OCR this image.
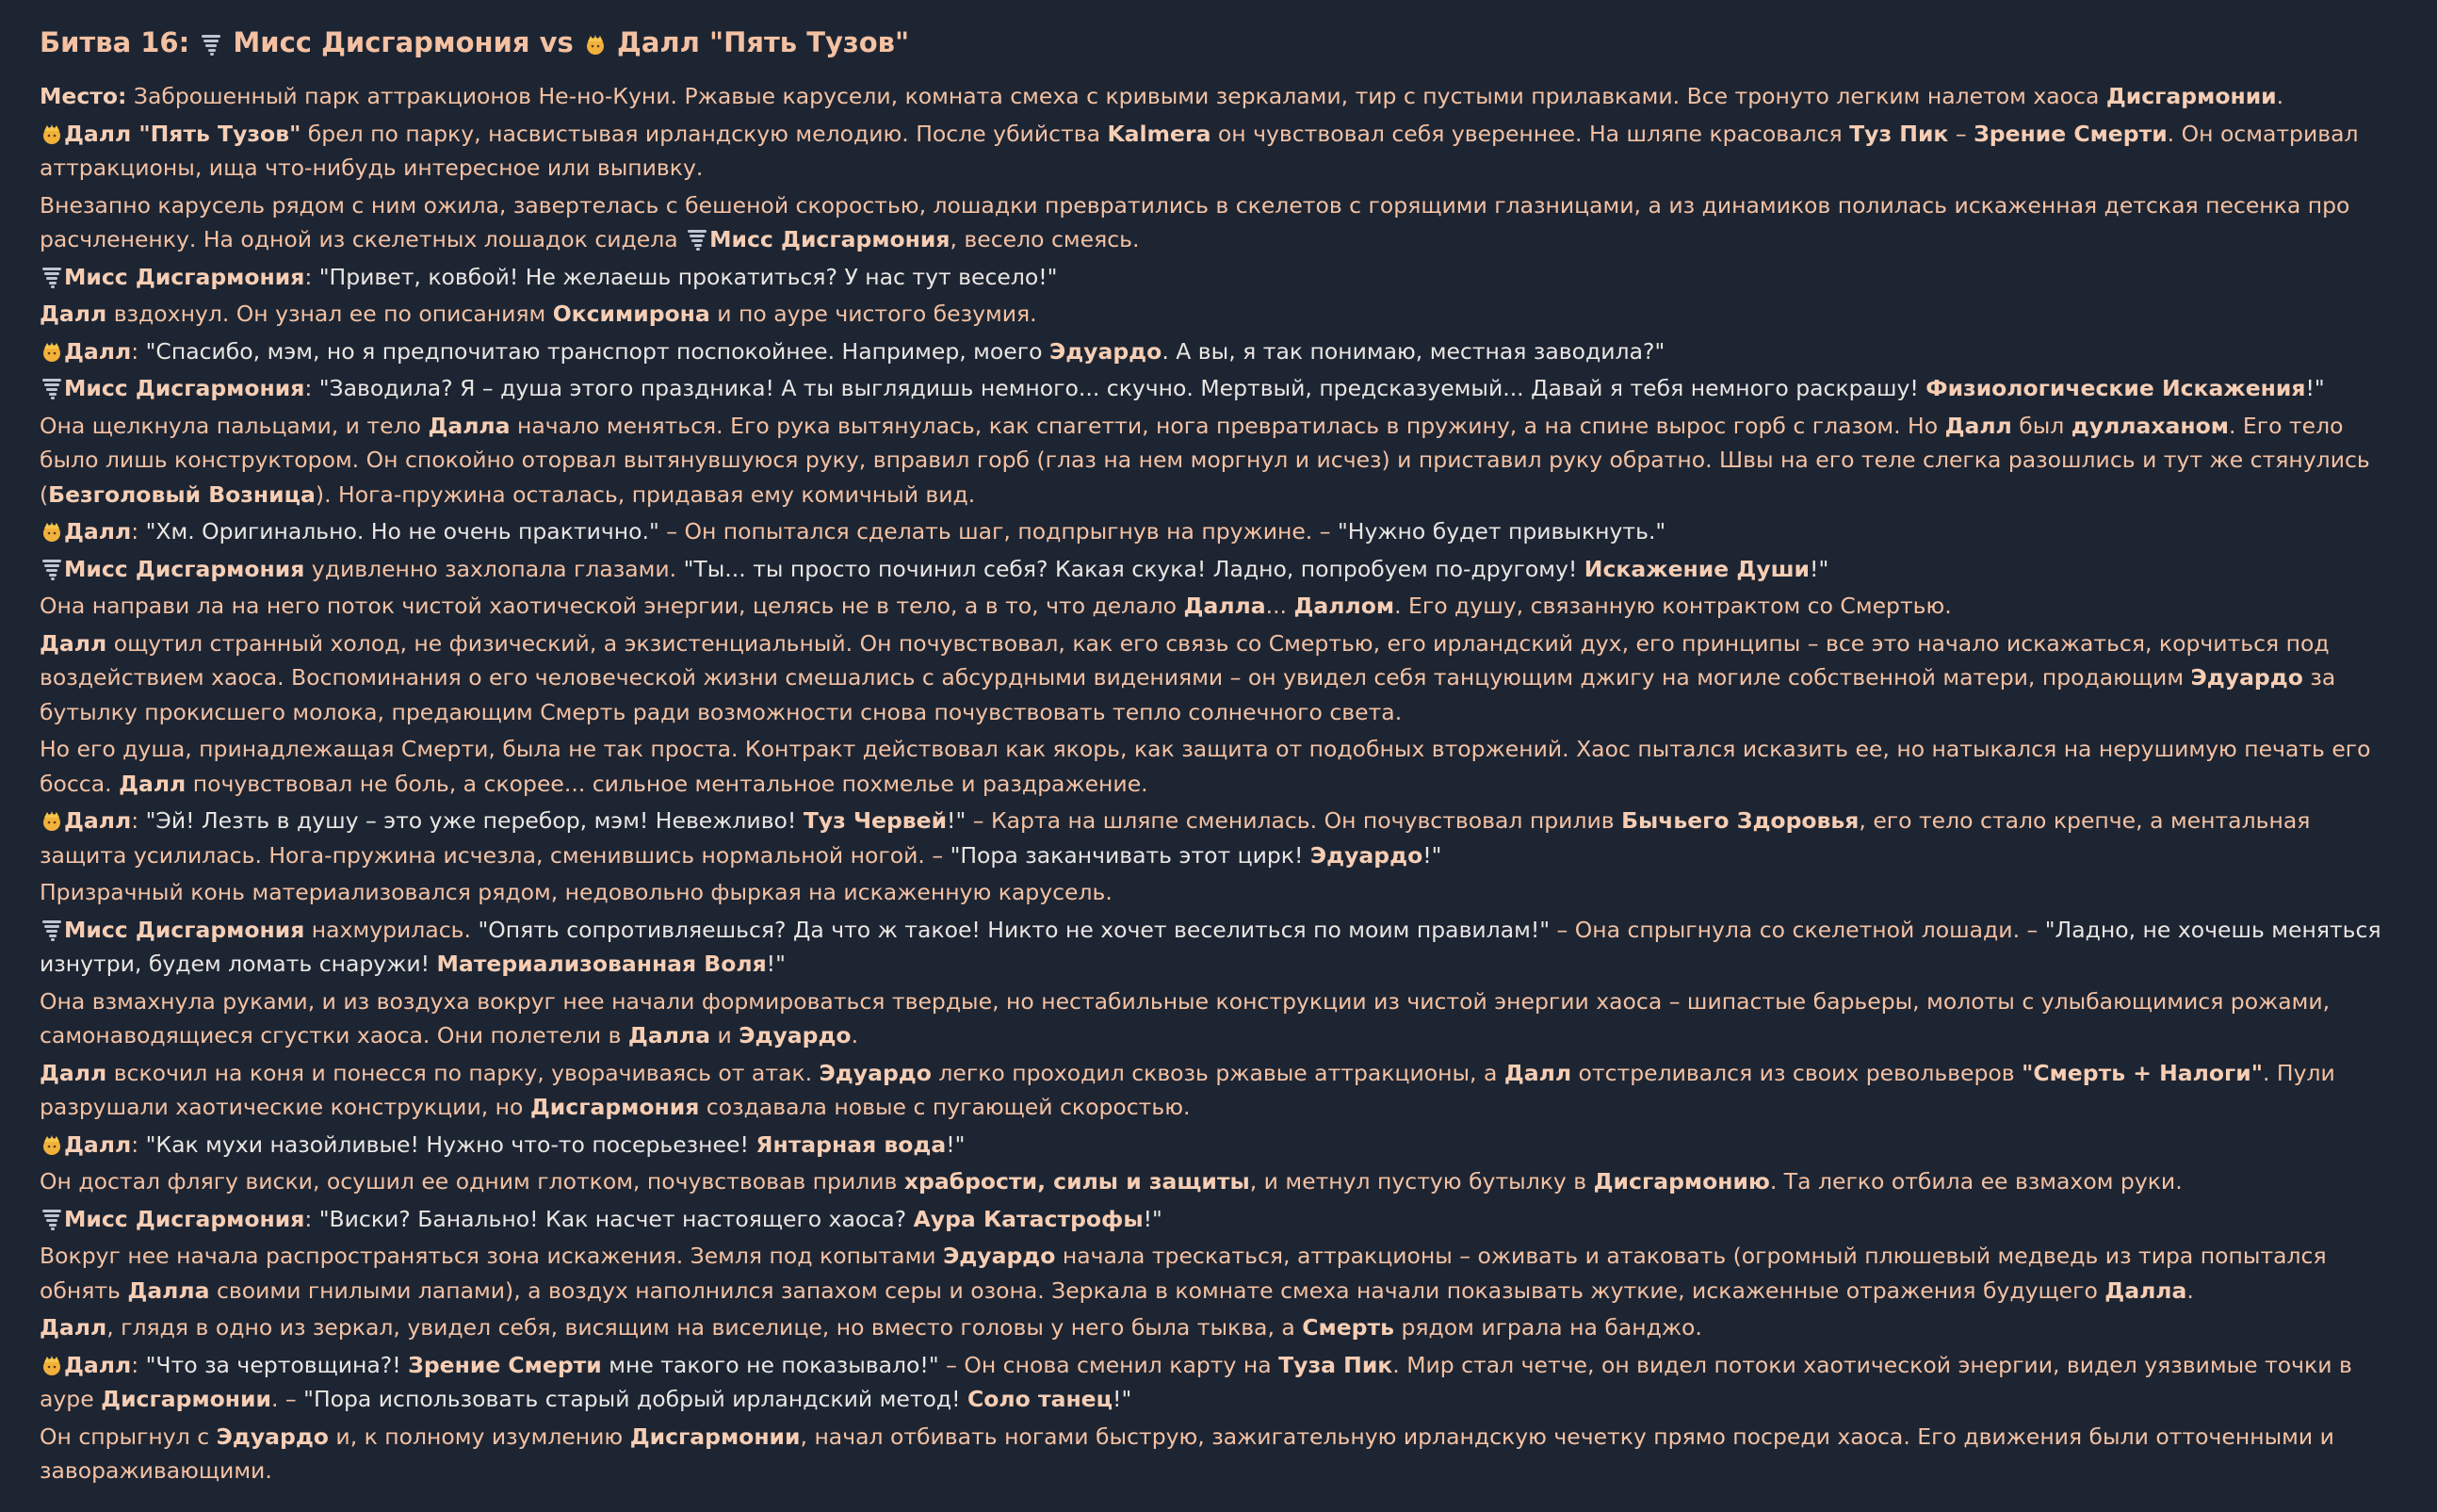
Битва 16: Мисс Дисгармония vs Далл "Пять Тузов"
Место: Заброшенный парк аттракционов Не-но-Куни. Ржавые карусели, комната смеха с кривыми зеркалами, тир с пустыми прилавками. Все тронуто легким налетом хаоса Дисгармонии.
Далл "Пять Тузов" брел по парку, насвистывая ирландскую мелодию. После убийства Kalmera он чувствовал себя увереннее. На шляпе красовался Туз Пик – Зрение Смерти. Он осматривал аттракционы, ища что-нибудь интересное или выпивку.
Внезапно карусель рядом с ним ожила, завертелась с бешеной скоростью, лошадки превратились в скелетов с горящими глазницами, а из динамиков полилась искаженная детская песенка про расчлененку. На одной из скелетных лошадок сидела Мисс Дисгармония, весело смеясь.
Мисс Дисгармония: "Привет, ковбой! Не желаешь прокатиться? У нас тут весело!"
Далл вздохнул. Он узнал ее по описаниям Оксимирона и по ауре чистого безумия.
Далл: "Спасибо, мэм, но я предпочитаю транспорт поспокойнее. Например, моего Эдуардо. А вы, я так понимаю, местная заводила?"
Мисс Дисгармония: "Заводила? Я – душа этого праздника! А ты выглядишь немного... скучно. Мертвый, предсказуемый... Давай я тебя немного раскрашу! Физиологические Искажения!"
Она щелкнула пальцами, и тело Далла начало меняться. Его рука вытянулась, как спагетти, нога превратилась в пружину, а на спине вырос горб с глазом. Но Далл был дуллаханом. Его тело было лишь конструктором. Он спокойно оторвал вытянувшуюся руку, вправил горб (глаз на нем моргнул и исчез) и приставил руку обратно. Швы на его теле слегка разошлись и тут же стянулись (Безголовый Возница). Нога-пружина осталась, придавая ему комичный вид.
Далл: "Хм. Оригинально. Но не очень практично." – Он попытался сделать шаг, подпрыгнув на пружине. – "Нужно будет привыкнуть."
Мисс Дисгармония удивленно захлопала глазами. "Ты... ты просто починил себя? Какая скука! Ладно, попробуем по-другому! Искажение Души!"
Она направи ла на него поток чистой хаотической энергии, целясь не в тело, а в то, что делало Далла... Даллом. Его душу, связанную контрактом со Смертью.
Далл ощутил странный холод, не физический, а экзистенциальный. Он почувствовал, как его связь со Смертью, его ирландский дух, его принципы – все это начало искажаться, корчиться под воздействием хаоса. Воспоминания о его человеческой жизни смешались с абсурдными видениями – он увидел себя танцующим джигу на могиле собственной матери, продающим Эдуардо за бутылку прокисшего молока, предающим Смерть ради возможности снова почувствовать тепло солнечного света.
Но его душа, принадлежащая Смерти, была не так проста. Контракт действовал как якорь, как защита от подобных вторжений. Хаос пытался исказить ее, но натыкался на нерушимую печать его босса. Далл почувствовал не боль, а скорее... сильное ментальное похмелье и раздражение.
Далл: "Эй! Лезть в душу – это уже перебор, мэм! Невежливо! Туз Червей!" – Карта на шляпе сменилась. Он почувствовал прилив Бычьего Здоровья, его тело стало крепче, а ментальная защита усилилась. Нога-пружина исчезла, сменившись нормальной ногой. – "Пора заканчивать этот цирк! Эдуардо!"
Призрачный конь материализовался рядом, недовольно фыркая на искаженную карусель.
Мисс Дисгармония нахмурилась. "Опять сопротивляешься? Да что ж такое! Никто не хочет веселиться по моим правилам!" – Она спрыгнула со скелетной лошади. – "Ладно, не хочешь меняться изнутри, будем ломать снаружи! Материализованная Воля!"
Она взмахнула руками, и из воздуха вокруг нее начали формироваться твердые, но нестабильные конструкции из чистой энергии хаоса – шипастые барьеры, молоты с улыбающимися рожами, самонаводящиеся сгустки хаоса. Они полетели в Далла и Эдуардо.
Далл вскочил на коня и понесся по парку, уворачиваясь от атак. Эдуардо легко проходил сквозь ржавые аттракционы, а Далл отстреливался из своих револьверов "Смерть + Налоги". Пули разрушали хаотические конструкции, но Дисгармония создавала новые с пугающей скоростью.
Далл: "Как мухи назойливые! Нужно что-то посерьезнее! Янтарная вода!"
Он достал флягу виски, осушил ее одним глотком, почувствовав прилив храбрости, силы и защиты, и метнул пустую бутылку в Дисгармонию. Та легко отбила ее взмахом руки.
Мисс Дисгармония: "Виски? Банально! Как насчет настоящего хаоса? Аура Катастрофы!"
Вокруг нее начала распространяться зона искажения. Земля под копытами Эдуардо начала трескаться, аттракционы – оживать и атаковать (огромный плюшевый медведь из тира попытался обнять Далла своими гнилыми лапами), а воздух наполнился запахом серы и озона. Зеркала в комнате смеха начали показывать жуткие, искаженные отражения будущего Далла.
Далл, глядя в одно из зеркал, увидел себя, висящим на виселице, но вместо головы у него была тыква, а Смерть рядом играла на банджо.
Далл: "Что за чертовщина?! Зрение Смерти мне такого не показывало!" – Он снова сменил карту на Туза Пик. Мир стал четче, он видел потоки хаотической энергии, видел уязвимые точки в ауре Дисгармонии. – "Пора использовать старый добрый ирландский метод! Соло танец!"
Он спрыгнул с Эдуардо и, к полному изумлению Дисгармонии, начал отбивать ногами быструю, зажигательную ирландскую чечетку прямо посреди хаоса. Его движения были отточенными и завораживающими.
